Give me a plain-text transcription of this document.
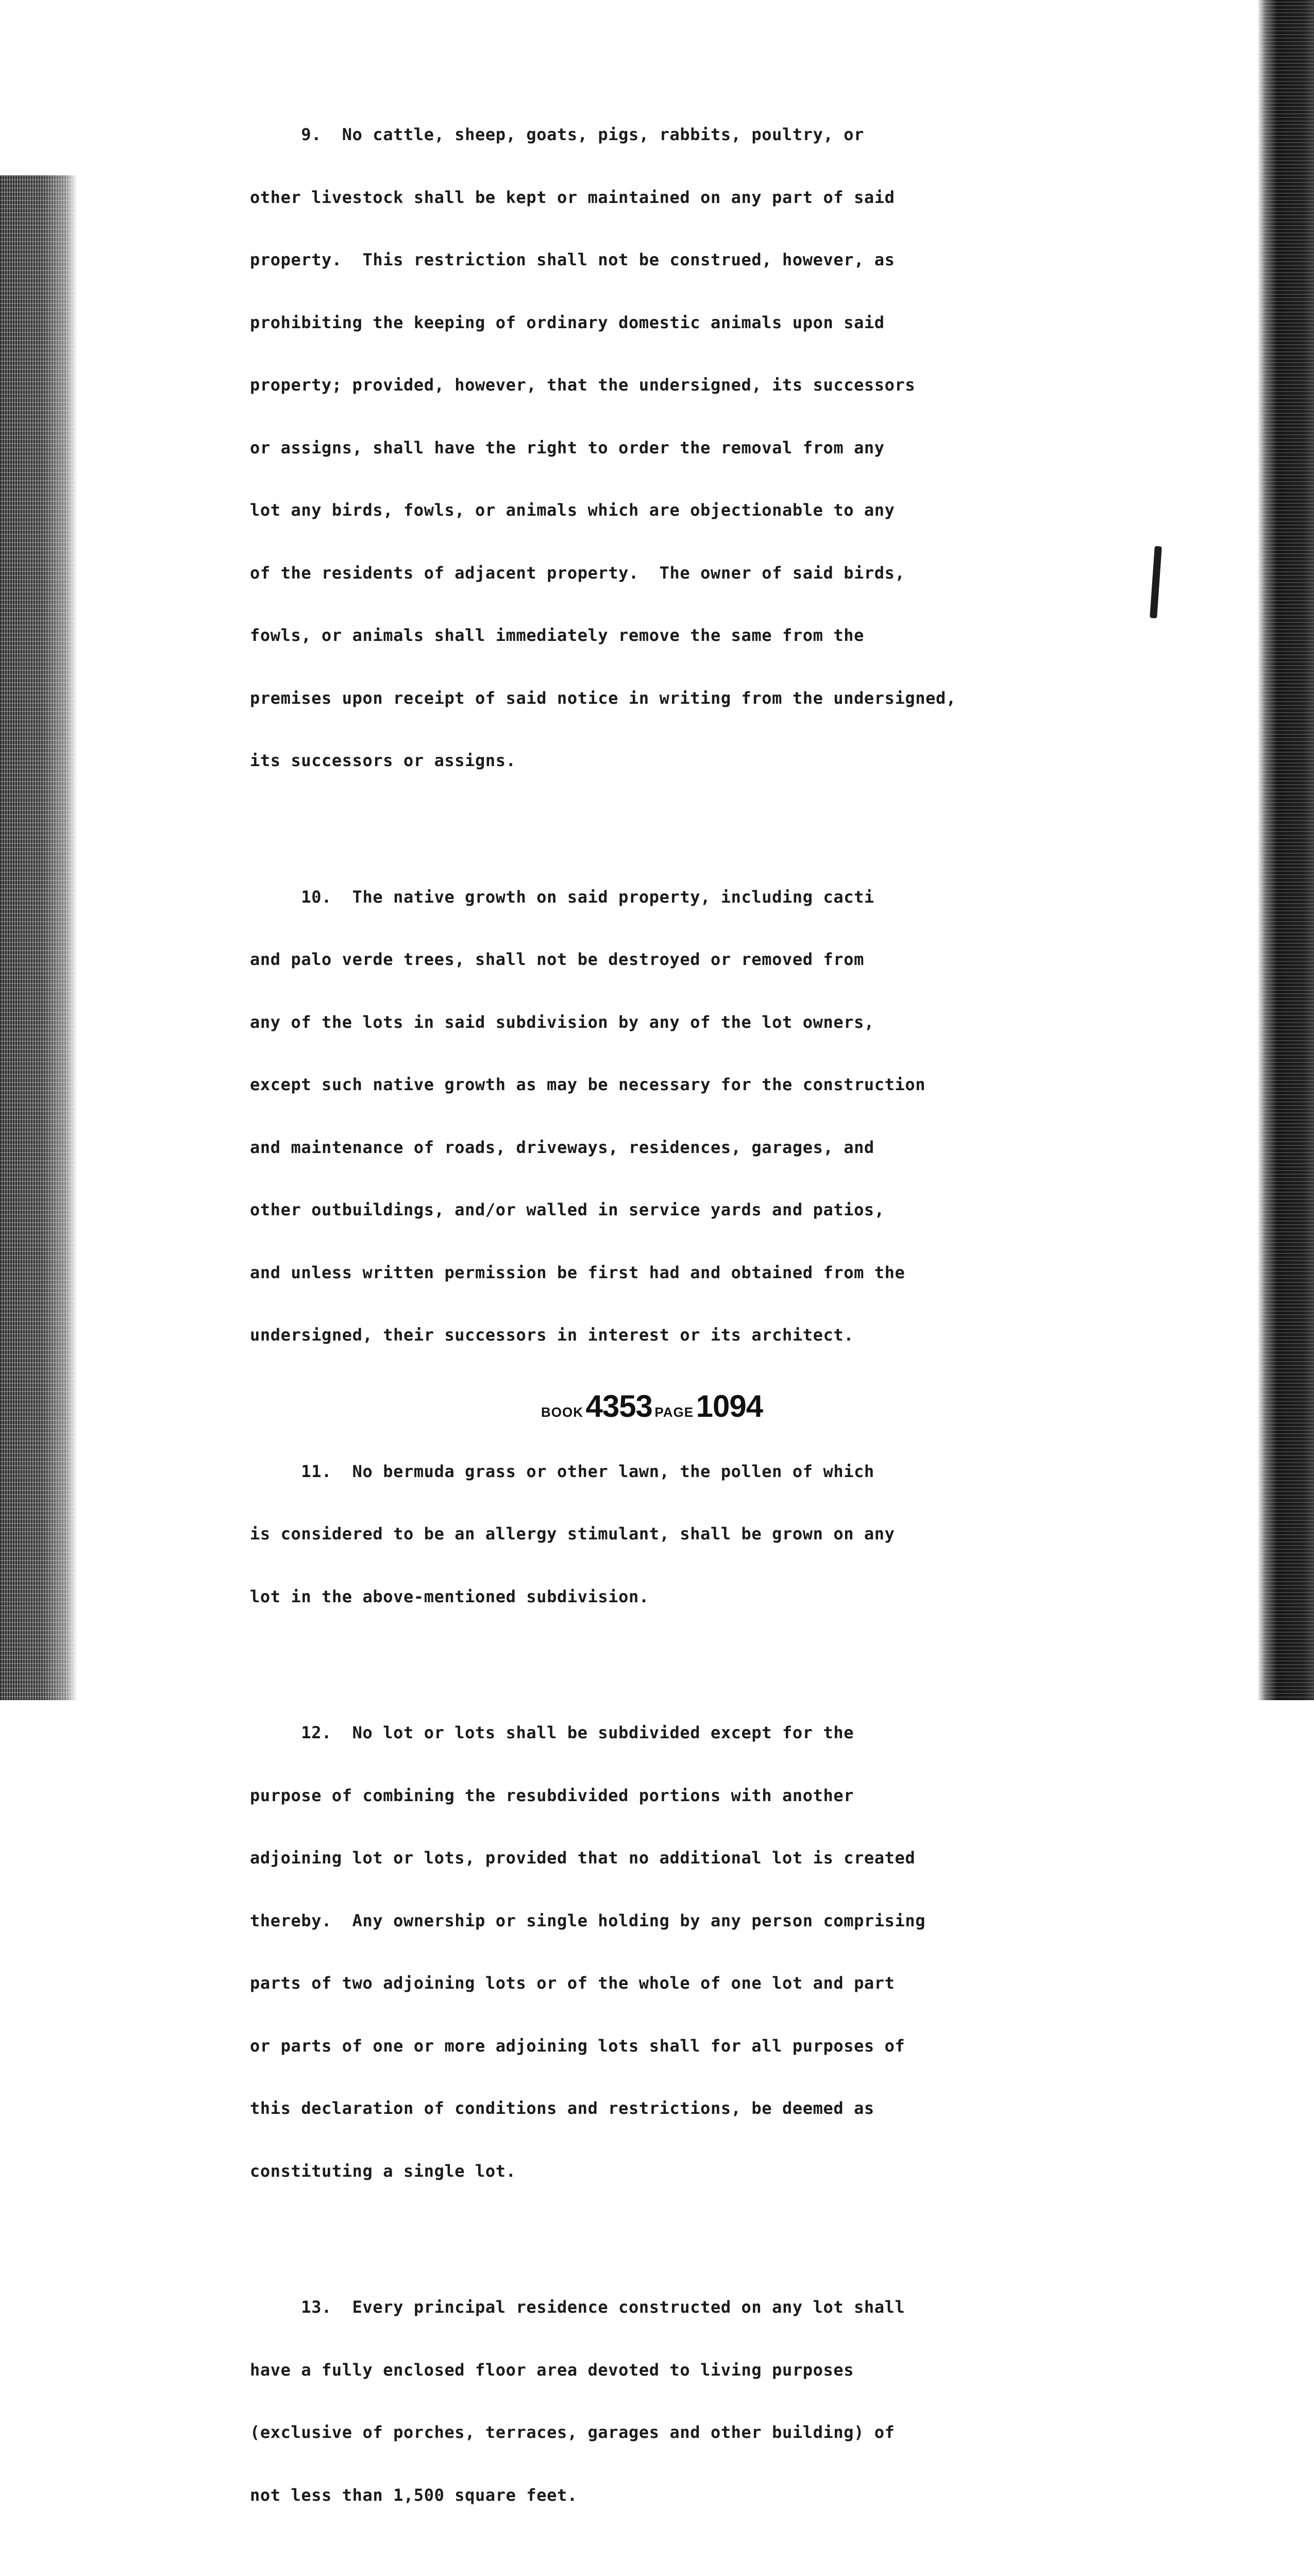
9.  No cattle, sheep, goats, pigs, rabbits, poultry, or

other livestock shall be kept or maintained on any part of said

property.  This restriction shall not be construed, however, as

prohibiting the keeping of ordinary domestic animals upon said

property; provided, however, that the undersigned, its successors

or assigns, shall have the right to order the removal from any

lot any birds, fowls, or animals which are objectionable to any

of the residents of adjacent property.  The owner of said birds,

fowls, or animals shall immediately remove the same from the

premises upon receipt of said notice in writing from the undersigned,

its successors or assigns.

10.  The native growth on said property, including cacti

and palo verde trees, shall not be destroyed or removed from

any of the lots in said subdivision by any of the lot owners,

except such native growth as may be necessary for the construction

and maintenance of roads, driveways, residences, garages, and

other outbuildings, and/or walled in service yards and patios,

and unless written permission be first had and obtained from the

undersigned, their successors in interest or its architect.

11.  No bermuda grass or other lawn, the pollen of which

is considered to be an allergy stimulant, shall be grown on any

lot in the above-mentioned subdivision.

12.  No lot or lots shall be subdivided except for the

purpose of combining the resubdivided portions with another

adjoining lot or lots, provided that no additional lot is created

thereby.  Any ownership or single holding by any person comprising

parts of two adjoining lots or of the whole of one lot and part

or parts of one or more adjoining lots shall for all purposes of

this declaration of conditions and restrictions, be deemed as

constituting a single lot.

13.  Every principal residence constructed on any lot shall

have a fully enclosed floor area devoted to living purposes

(exclusive of porches, terraces, garages and other building) of

not less than 1,500 square feet.

BOOK 4353 PAGE 1094
